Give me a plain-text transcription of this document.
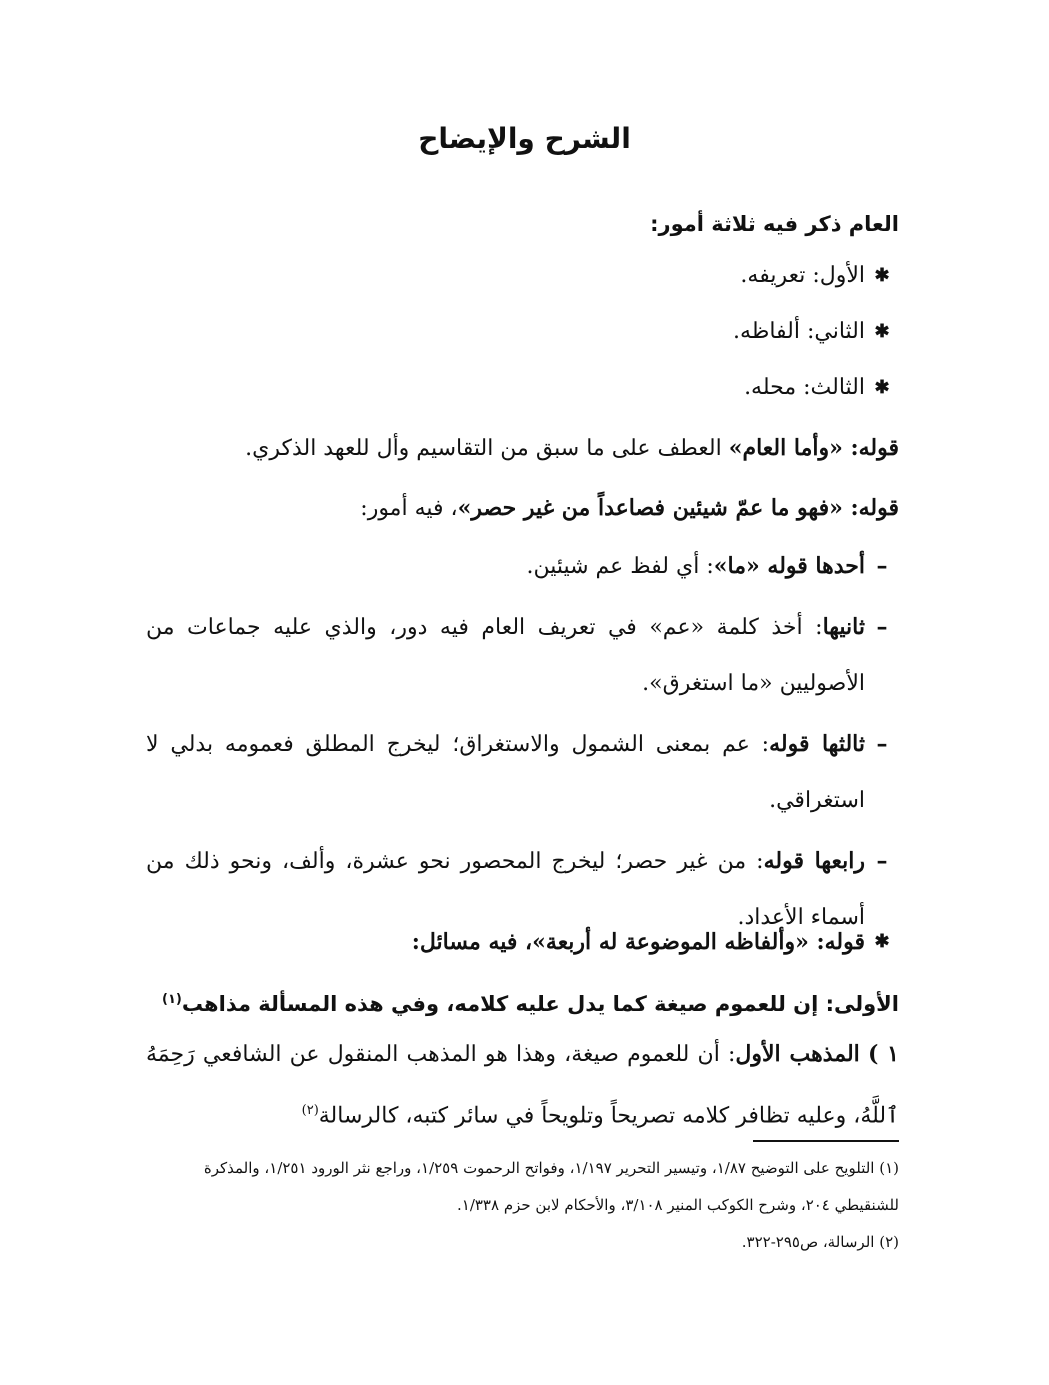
الشرح والإيضاح
العام ذكر فيه ثلاثة أمور:
✱
الأول: تعريفه.
✱
الثاني: ألفاظه.
✱
الثالث: محله.
قوله: «وأما العام» العطف على ما سبق من التقاسيم وأل للعهد الذكري.
قوله: «فهو ما عمّ شيئين فصاعداً من غير حصر»، فيه أمور:
–
أحدها قوله «ما»: أي لفظ عم شيئين.
–
ثانيها: أخذ كلمة «عم» في تعريف العام فيه دور، والذي عليه جماعات من الأصوليين «ما استغرق».
–
ثالثها قوله: عم بمعنى الشمول والاستغراق؛ ليخرج المطلق فعمومه بدلي لا استغراقي.
–
رابعها قوله: من غير حصر؛ ليخرج المحصور نحو عشرة، وألف، ونحو ذلك من أسماء الأعداد.
✱
قوله: «وألفاظه الموضوعة له أربعة»، فيه مسائل:
الأولى: إن للعموم صيغة كما يدل عليه كلامه، وفي هذه المسألة مذاهب$^{(١)}$
١ ) المذهب الأول: أن للعموم صيغة، وهذا هو المذهب المنقول عن الشافعي رَحِمَهُ ٱللَّهُ، وعليه تظافر كلامه تصريحاً وتلويحاً في سائر كتبه، كالرسالة$^{(٢)}$
(١) التلويح على التوضيح ١/٨٧، وتيسير التحرير ١/١٩٧، وفواتح الرحموت ١/٢٥٩، وراجع نثر الورود ١/٢٥١، والمذكرة للشنقيطي ٢٠٤، وشرح الكوكب المنير ٣/١٠٨، والأحكام لابن حزم ١/٣٣٨.
(٢) الرسالة، ص٢٩٥-٣٢٢.
